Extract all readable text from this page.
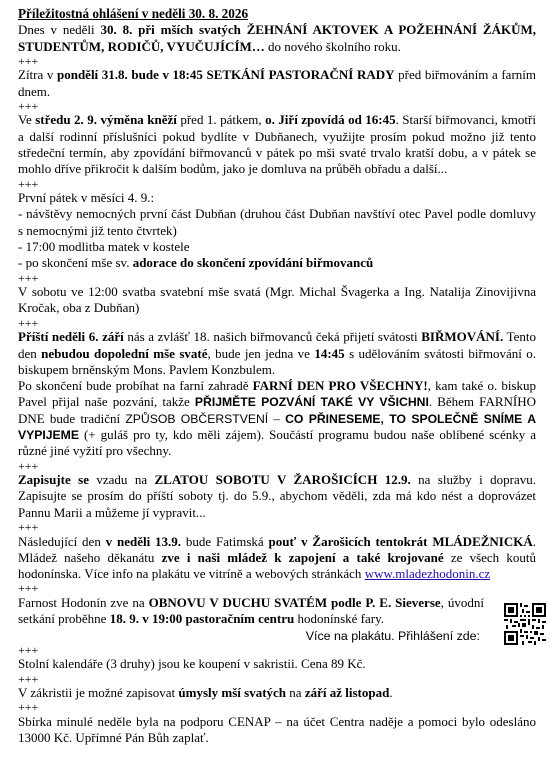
Příležitostná ohlášení v neděli 30. 8. 2026

Dnes v neděli 30. 8. při mších svatých ŽEHNÁNÍ AKTOVEK A POŽEHNÁNÍ ŽÁKŮM, STUDENTŮM, RODIČŮ, VYUČUJÍCÍM… do nového školního roku.

+++

Zítra v pondělí 31.8. bude v 18:45 SETKÁNÍ PASTORAČNÍ RADY před biřmováním a farním dnem.

+++

Ve středu 2. 9. výměna kněží před 1. pátkem, o. Jiří zpovídá od 16:45. Starší biřmovanci, kmotři a další rodinní příslušníci pokud bydlíte v Dubňanech, využijte prosím pokud možno již tento středeční termín, aby zpovídání biřmovanců v pátek po mši svaté trvalo kratší dobu, a v pátek se mohlo dříve přikročit k dalším bodům, jako je domluva na průběh obřadu a další...

+++

První pátek v měsíci 4. 9.:

- návštěvy nemocných první část Dubňan (druhou část Dubňan navštíví otec Pavel podle domluvy s nemocnými již tento čtvrtek)

- 17:00 modlitba matek v kostele

- po skončení mše sv. adorace do skončení zpovídání biřmovanců

+++

V sobotu ve 12:00 svatba svatební mše svatá (Mgr. Michal Švagerka a Ing. Natalija Zinovijivna Kročak, oba z Dubňan)

+++

Příští neděli 6. září nás a zvlášť 18. našich biřmovanců čeká přijetí svátosti BIŘMOVÁNÍ. Tento den nebudou dopolední mše svaté, bude jen jedna ve 14:45 s udělováním svátosti biřmování o. biskupem brněnským Mons. Pavlem Konzbulem.

Po skončení bude probíhat na farní zahradě FARNÍ DEN PRO VŠECHNY!, kam také o. biskup Pavel přijal naše pozvání, takže PŘIJMĚTE POZVÁNÍ TAKÉ VY VŠICHNI. Během FARNÍHO DNE bude tradiční ZPŮSOB OBČERSTVENÍ – CO PŘINESEME, TO SPOLEČNĚ SNÍME A VYPIJEME (+ guláš pro ty, kdo měli zájem). Součástí programu budou naše oblíbené scénky a různé jiné vyžití pro všechny.

+++

Zapisujte se vzadu na ZLATOU SOBOTU V ŽAROŠICÍCH 12.9. na služby i dopravu. Zapisujte se prosím do příští soboty tj. do 5.9., abychom věděli, zda má kdo nést a doprovázet Pannu Marii a můžeme jí vypravit...

+++

Následující den v neděli 13.9. bude Fatimská pouť v Žarošicích tentokrát MLÁDEŽNICKÁ. Mládež našeho děkanátu zve i naši mládež k zapojení a také krojované ze všech koutů hodonínska. Více info na plakátu ve vitríně a webových stránkách www.mladezhodonin.cz

+++

Farnost Hodonín zve na OBNOVU V DUCHU SVATÉM podle P. E. Sieverse, úvodní setkání proběhne 18. 9. v 19:00 pastoračním centru hodonínské fary.

Více na plakátu. Přihlášení zde:

+++

Stolní kalendáře (3 druhy) jsou ke koupení v sakristii. Cena 89 Kč.

+++

V zákristii je možné zapisovat úmysly mší svatých na září až listopad.

+++

Sbírka minulé neděle byla na podporu CENAP – na účet Centra naděje a pomoci bylo odesláno 13000 Kč. Upřímné Pán Bůh zaplať.
